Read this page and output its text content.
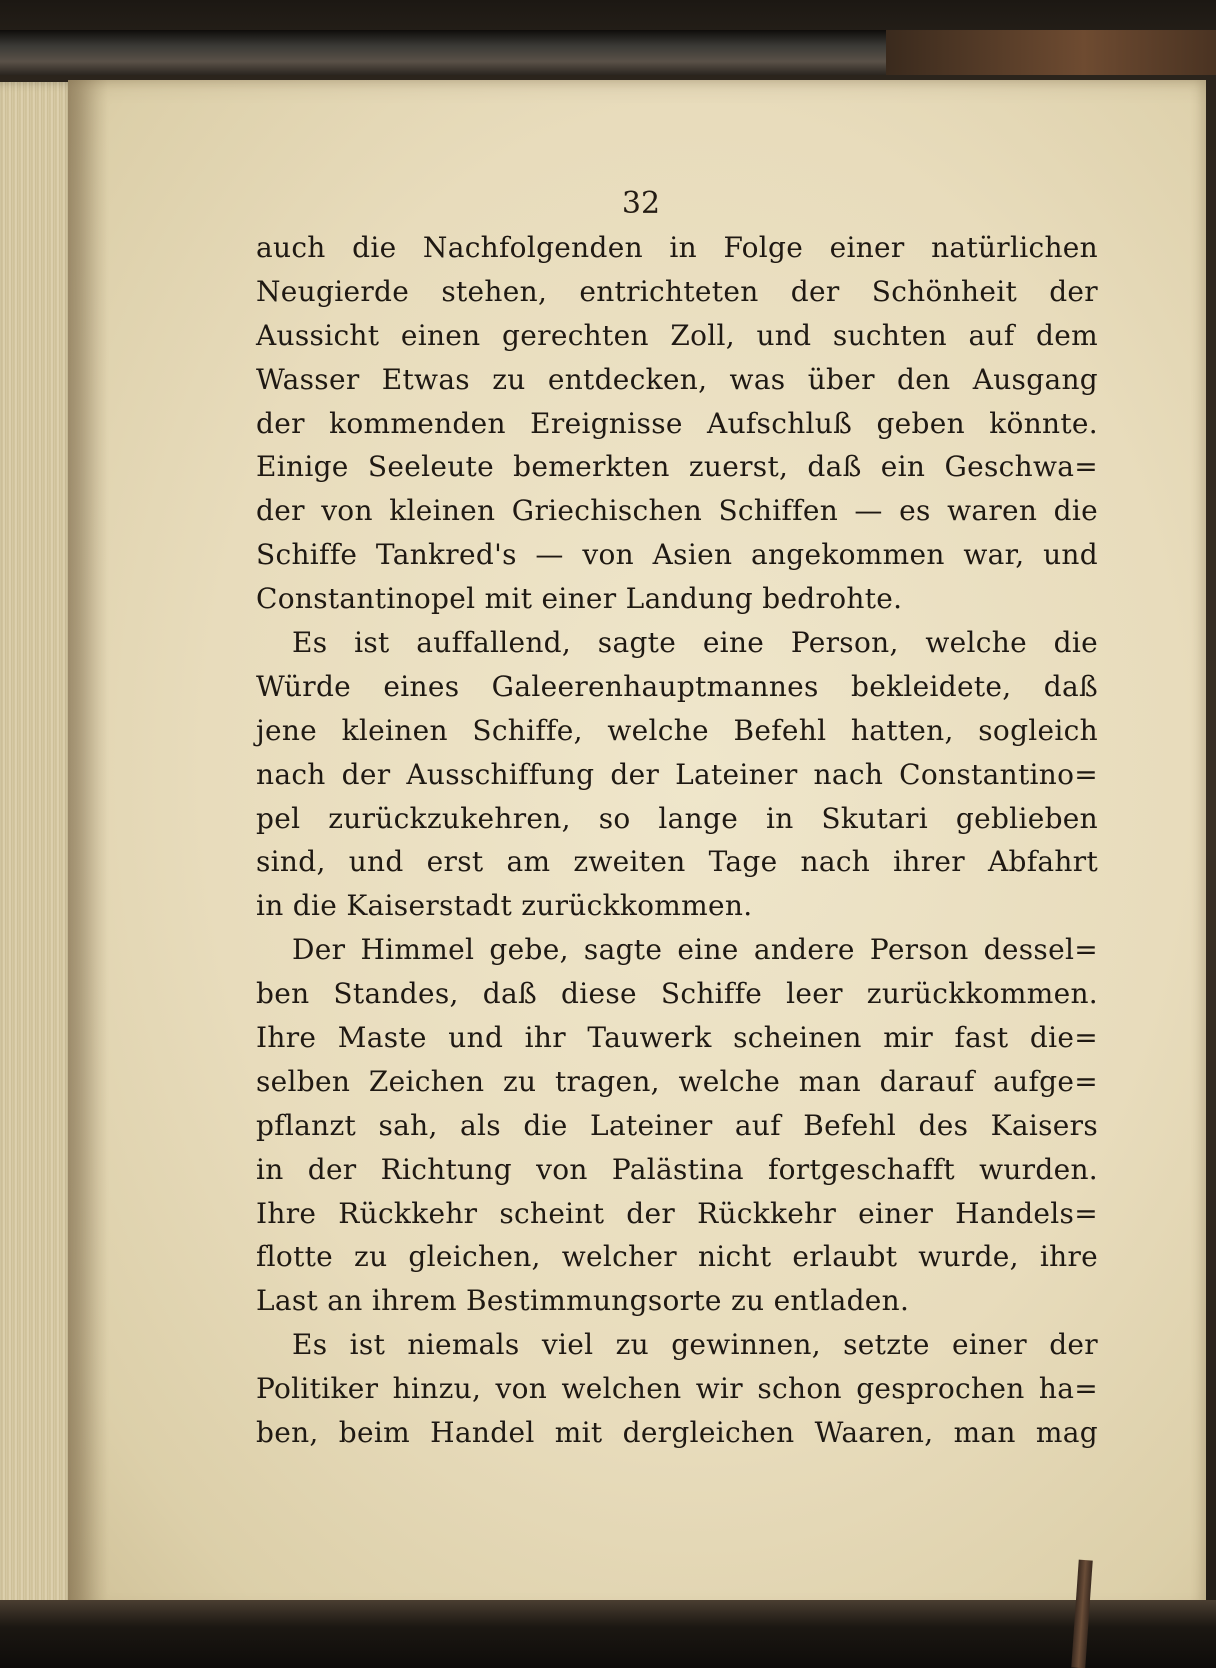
32
auch die Nachfolgenden in Folge einer natürlichen
Neugierde stehen, entrichteten der Schönheit der
Aussicht einen gerechten Zoll, und suchten auf dem
Wasser Etwas zu entdecken, was über den Ausgang
der kommenden Ereignisse Aufschluß geben könnte.
Einige Seeleute bemerkten zuerst, daß ein Geschwa=
der von kleinen Griechischen Schiffen — es waren die
Schiffe Tankred's — von Asien angekommen war, und
Constantinopel mit einer Landung bedrohte.
Es ist auffallend, sagte eine Person, welche die
Würde eines Galeerenhauptmannes bekleidete, daß
jene kleinen Schiffe, welche Befehl hatten, sogleich
nach der Ausschiffung der Lateiner nach Constantino=
pel zurückzukehren, so lange in Skutari geblieben
sind, und erst am zweiten Tage nach ihrer Abfahrt
in die Kaiserstadt zurückkommen.
Der Himmel gebe, sagte eine andere Person dessel=
ben Standes, daß diese Schiffe leer zurückkommen.
Ihre Maste und ihr Tauwerk scheinen mir fast die=
selben Zeichen zu tragen, welche man darauf aufge=
pflanzt sah, als die Lateiner auf Befehl des Kaisers
in der Richtung von Palästina fortgeschafft wurden.
Ihre Rückkehr scheint der Rückkehr einer Handels=
flotte zu gleichen, welcher nicht erlaubt wurde, ihre
Last an ihrem Bestimmungsorte zu entladen.
Es ist niemals viel zu gewinnen, setzte einer der
Politiker hinzu, von welchen wir schon gesprochen ha=
ben, beim Handel mit dergleichen Waaren, man mag
